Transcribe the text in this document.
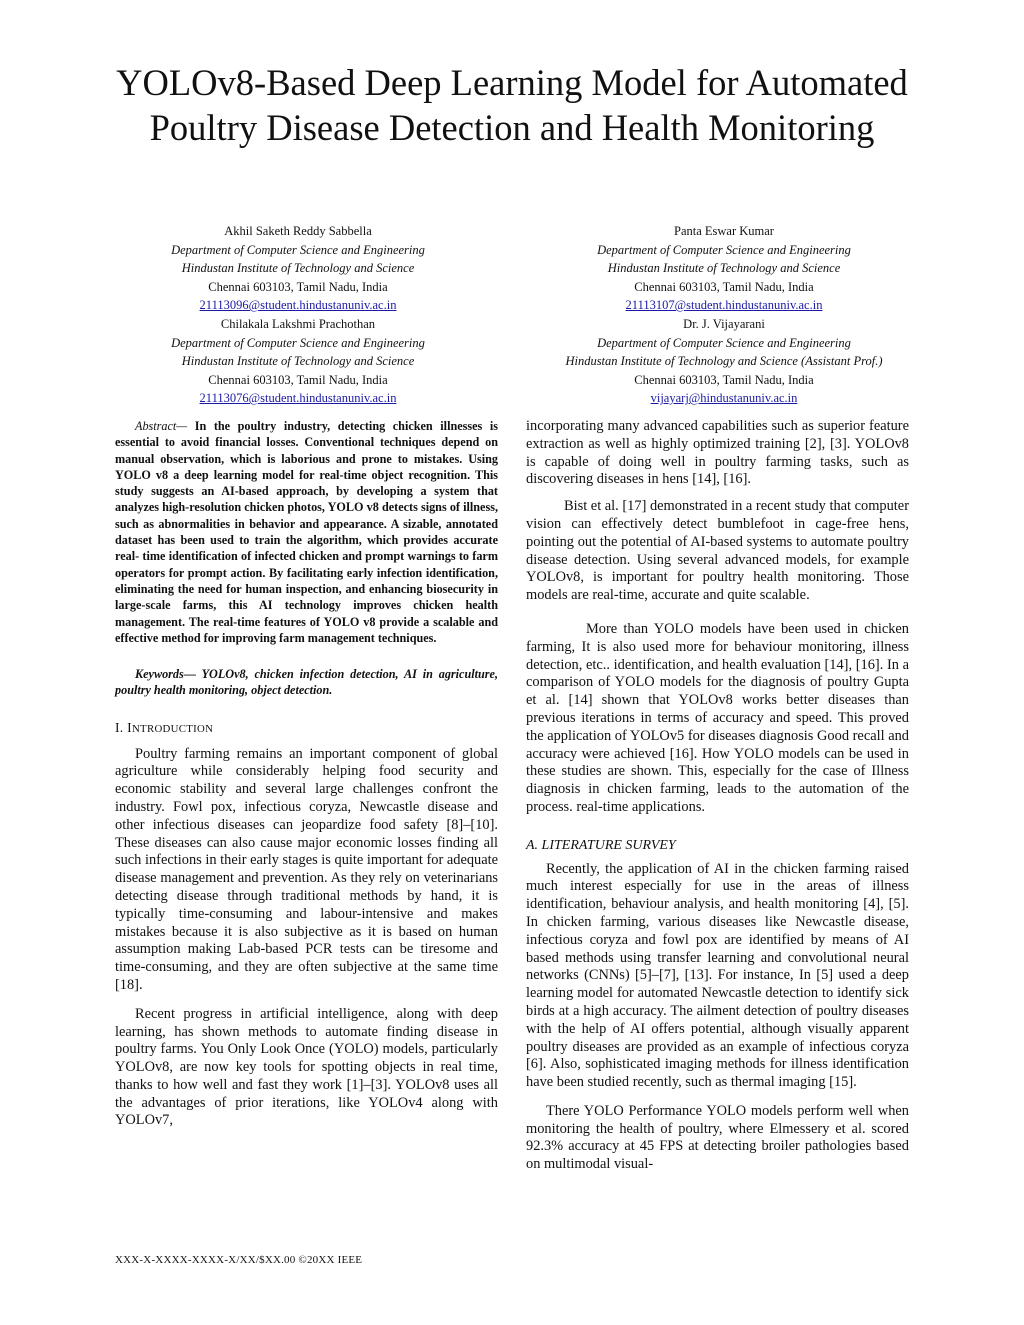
YOLOv8-Based Deep Learning Model for Automated Poultry Disease Detection and Health Monitoring
Akhil Saketh Reddy Sabbella
Department of Computer Science and Engineering
Hindustan Institute of Technology and Science
Chennai 603103, Tamil Nadu, India
21113096@student.hindustanuniv.ac.in
Panta Eswar Kumar
Department of Computer Science and Engineering
Hindustan Institute of Technology and Science
Chennai 603103, Tamil Nadu, India
21113107@student.hindustanuniv.ac.in
Chilakala Lakshmi Prachothan
Department of Computer Science and Engineering
Hindustan Institute of Technology and Science
Chennai 603103, Tamil Nadu, India
21113076@student.hindustanuniv.ac.in
Dr. J. Vijayarani
Department of Computer Science and Engineering
Hindustan Institute of Technology and Science (Assistant Prof.)
Chennai 603103, Tamil Nadu, India
vijayarj@hindustanuniv.ac.in

Abstract— In the poultry industry, detecting chicken illnesses is essential to avoid financial losses. Conventional techniques depend on manual observation, which is laborious and prone to mistakes. Using YOLO v8 a deep learning model for real-time object recognition. This study suggests an AI-based approach, by developing a system that analyzes high-resolution chicken photos, YOLO v8 detects signs of illness, such as abnormalities in behavior and appearance. A sizable, annotated dataset has been used to train the algorithm, which provides accurate real- time identification of infected chicken and prompt warnings to farm operators for prompt action. By facilitating early infection identification, eliminating the need for human inspection, and enhancing biosecurity in large-scale farms, this AI technology improves chicken health management. The real-time features of YOLO v8 provide a scalable and effective method for improving farm management techniques.

Keywords— YOLOv8, chicken infection detection, AI in agriculture, poultry health monitoring, object detection.

I. INTRODUCTION

Poultry farming remains an important component of global agriculture while considerably helping food security and economic stability and several large challenges confront the industry. Fowl pox, infectious coryza, Newcastle disease and other infectious diseases can jeopardize food safety [8]–[10]. These diseases can also cause major economic losses finding all such infections in their early stages is quite important for adequate disease management and prevention. As they rely on veterinarians detecting disease through traditional methods by hand, it is typically time-consuming and labour-intensive and makes mistakes because it is also subjective as it is based on human assumption making Lab-based PCR tests can be tiresome and time-consuming, and they are often subjective at the same time [18].

Recent progress in artificial intelligence, along with deep learning, has shown methods to automate finding disease in poultry farms. You Only Look Once (YOLO) models, particularly YOLOv8, are now key tools for spotting objects in real time, thanks to how well and fast they work [1]–[3]. YOLOv8 uses all the advantages of prior iterations, like YOLOv4 along with YOLOv7,

incorporating many advanced capabilities such as superior feature extraction as well as highly optimized training [2], [3]. YOLOv8 is capable of doing well in poultry farming tasks, such as discovering diseases in hens [14], [16].

Bist et al. [17] demonstrated in a recent study that computer vision can effectively detect bumblefoot in cage-free hens, pointing out the potential of AI-based systems to automate poultry disease detection. Using several advanced models, for example YOLOv8, is important for poultry health monitoring. Those models are real-time, accurate and quite scalable.

More than YOLO models have been used in chicken farming, It is also used more for behaviour monitoring, illness detection, etc.. identification, and health evaluation [14], [16]. In a comparison of YOLO models for the diagnosis of poultry Gupta et al. [14] shown that YOLOv8 works better diseases than previous iterations in terms of accuracy and speed. This proved the application of YOLOv5 for diseases diagnosis Good recall and accuracy were achieved [16]. How YOLO models can be used in these studies are shown. This, especially for the case of Illness diagnosis in chicken farming, leads to the automation of the process. real-time applications.

A. LITERATURE SURVEY

Recently, the application of AI in the chicken farming raised much interest especially for use in the areas of illness identification, behaviour analysis, and health monitoring [4], [5]. In chicken farming, various diseases like Newcastle disease, infectious coryza and fowl pox are identified by means of AI based methods using transfer learning and convolutional neural networks (CNNs) [5]–[7], [13]. For instance, In [5] used a deep learning model for automated Newcastle detection to identify sick birds at a high accuracy. The ailment detection of poultry diseases with the help of AI offers potential, although visually apparent poultry diseases are provided as an example of infectious coryza [6]. Also, sophisticated imaging methods for illness identification have been studied recently, such as thermal imaging [15].

There YOLO Performance YOLO models perform well when monitoring the health of poultry, where Elmessery et al. scored 92.3% accuracy at 45 FPS at detecting broiler pathologies based on multimodal visual-

XXX-X-XXXX-XXXX-X/XX/$XX.00 ©20XX IEEE
